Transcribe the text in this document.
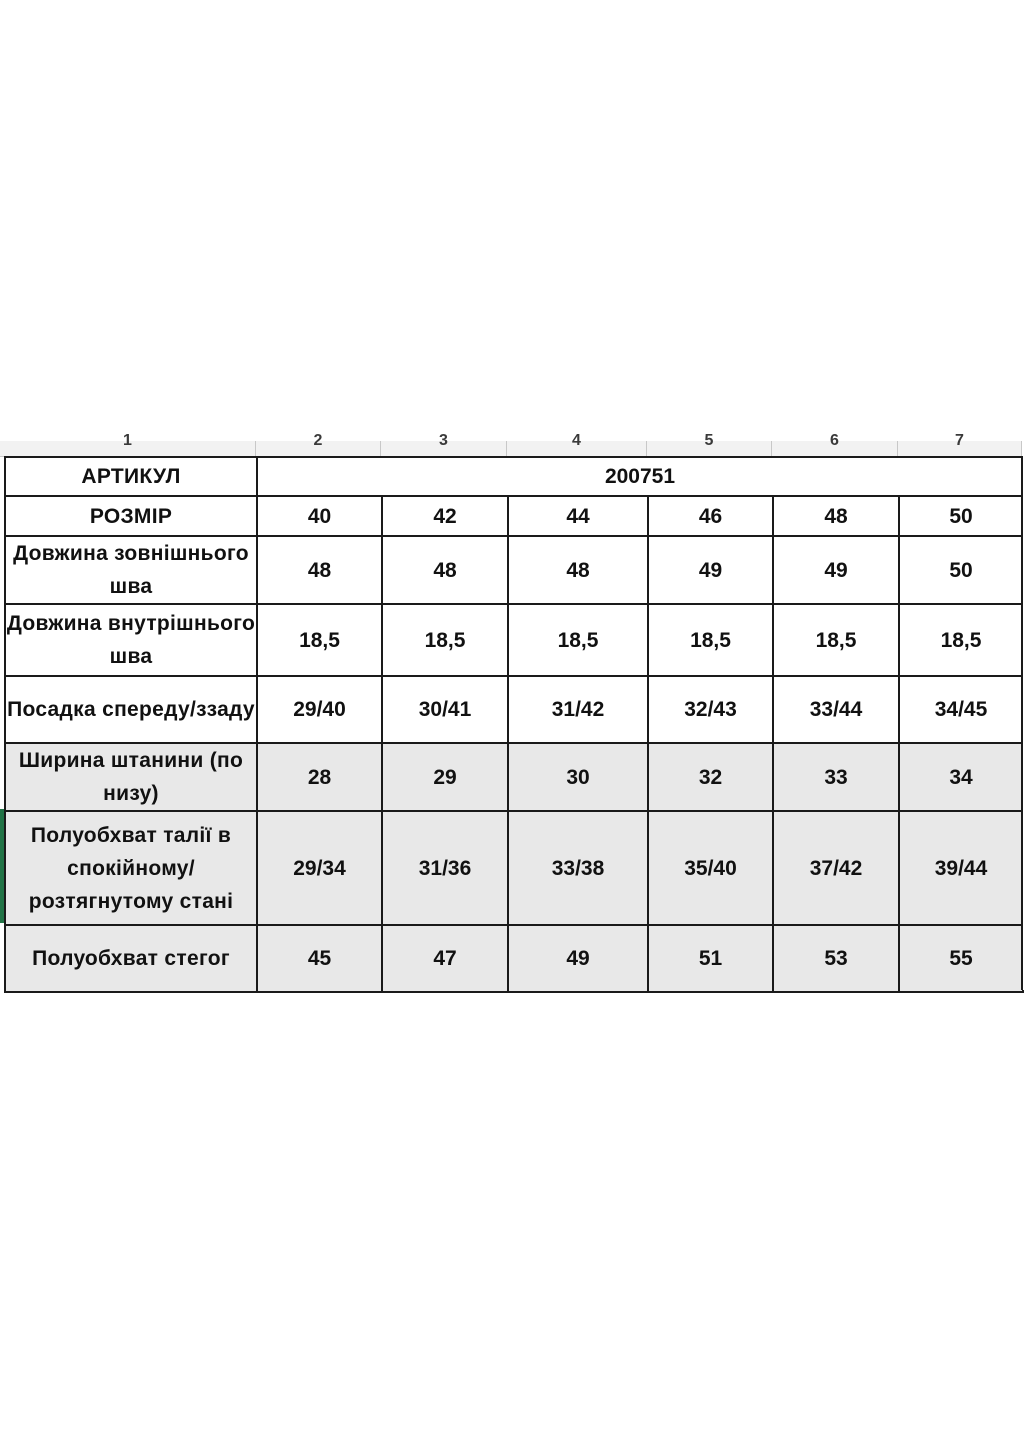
1	2	3	4	5	6	7
АРТИКУЛ	200751					
РОЗМІР	40	42	44	46	48	50
Довжина зовнішнього шва	48	48	48	49	49	50
Довжина внутрішнього шва	18,5	18,5	18,5	18,5	18,5	18,5
Посадка спереду/ззаду	29/40	30/41	31/42	32/43	33/44	34/45
Ширина штанини (по низу)	28	29	30	32	33	34
Полуобхват талії в спокійному/розтягнутому стані	29/34	31/36	33/38	35/40	37/42	39/44
Полуобхват стегог	45	47	49	51	53	55
